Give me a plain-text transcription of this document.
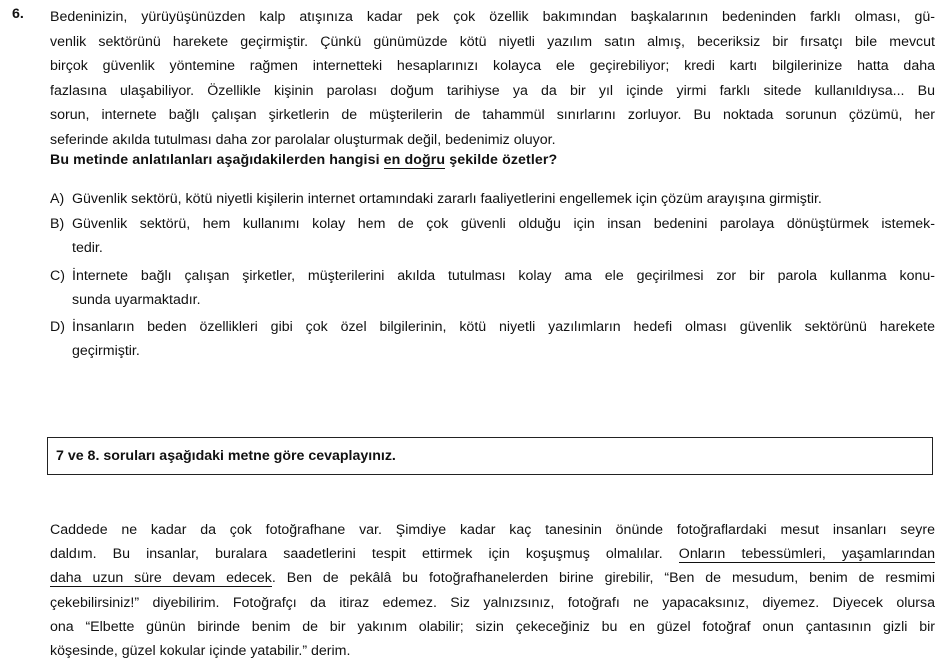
6. Bedeninizin, yürüyüşünüzden kalp atışınıza kadar pek çok özellik bakımından başkalarının bedeninden farklı olması, gü-
venlik sektörünü harekete geçirmiştir. Çünkü günümüzde kötü niyetli yazılım satın almış, beceriksiz bir fırsatçı bile mevcut
birçok güvenlik yöntemine rağmen internetteki hesaplarınızı kolayca ele geçirebiliyor; kredi kartı bilgilerinize hatta daha
fazlasına ulaşabiliyor. Özellikle kişinin parolası doğum tarihiyse ya da bir yıl içinde yirmi farklı sitede kullanıldıysa... Bu
sorun, internete bağlı çalışan şirketlerin de müşterilerin de tahammül sınırlarını zorluyor. Bu noktada sorunun çözümü, her
seferinde akılda tutulması daha zor parolalar oluşturmak değil, bedenimiz oluyor.
Bu metinde anlatılanları aşağıdakilerden hangisi en doğru şekilde özetler?
A) Güvenlik sektörü, kötü niyetli kişilerin internet ortamındaki zararlı faaliyetlerini engellemek için çözüm arayışına girmiştir.
B) Güvenlik sektörü, hem kullanımı kolay hem de çok güvenli olduğu için insan bedenini parolaya dönüştürmek istemek-
tedir.
C) İnternete bağlı çalışan şirketler, müşterilerini akılda tutulması kolay ama ele geçirilmesi zor bir parola kullanma konu-
sunda uyarmaktadır.
D) İnsanların beden özellikleri gibi çok özel bilgilerinin, kötü niyetli yazılımların hedefi olması güvenlik sektörünü harekete
geçirmiştir.
7 ve 8. soruları aşağıdaki metne göre cevaplayınız.
Caddede ne kadar da çok fotoğrafhane var. Şimdiye kadar kaç tanesinin önünde fotoğraflardaki mesut insanları seyre
daldım. Bu insanlar, buralara saadetlerini tespit ettirmek için koşuşmuş olmalılar. Onların tebessümleri, yaşamlarından
daha uzun süre devam edecek. Ben de pekâlâ bu fotoğrafhanelerden birine girebilir, “Ben de mesudum, benim de resmimi
çekebilirsiniz!” diyebilirim. Fotoğrafçı da itiraz edemez. Siz yalnızsınız, fotoğrafı ne yapacaksınız, diyemez. Diyecek olursa
ona “Elbette günün birinde benim de bir yakınım olabilir; sizin çekeceğiniz bu en güzel fotoğraf onun çantasının gizli bir
köşesinde, güzel kokular içinde yatabilir.” derim.
